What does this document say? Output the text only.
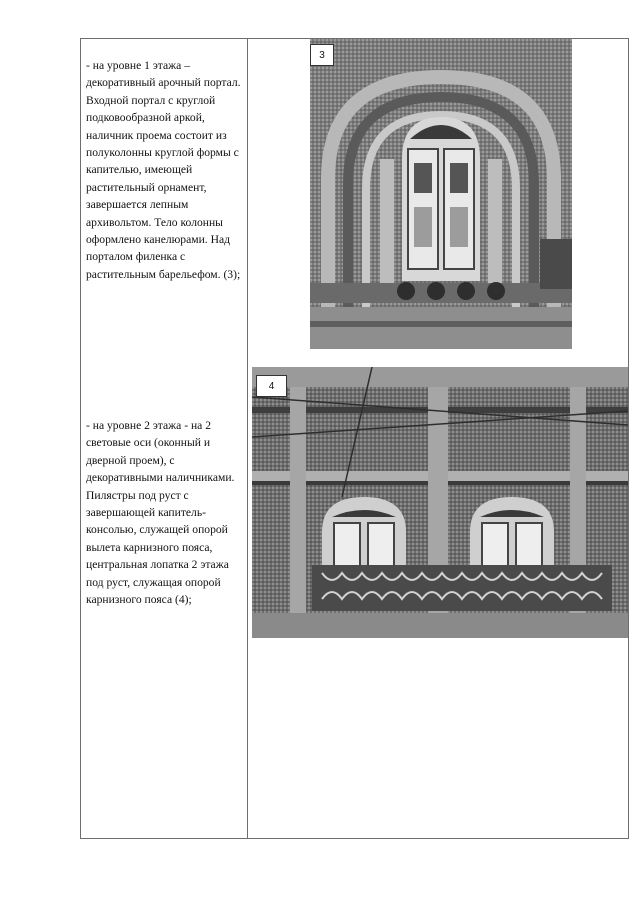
- на уровне 1 этажа – декоративный арочный портал. Входной портал с круглой подковообразной аркой, наличник проема состоит из полуколонны круглой формы с капителью, имеющей растительный орнамент, завершается лепным архивольтом. Тело колонны оформлено канелюрами. Над порталом филенка с растительным барельефом. (3);
- на уровне 2 этажа - на 2 световые оси (оконный и дверной проем), с декоративными наличниками. Пилястры под руст с завершающей капитель-консолью, служащей опорой вылета карнизного пояса, центральная лопатка 2 этажа под руст, служащая опорой карнизного пояса (4);
3
4
